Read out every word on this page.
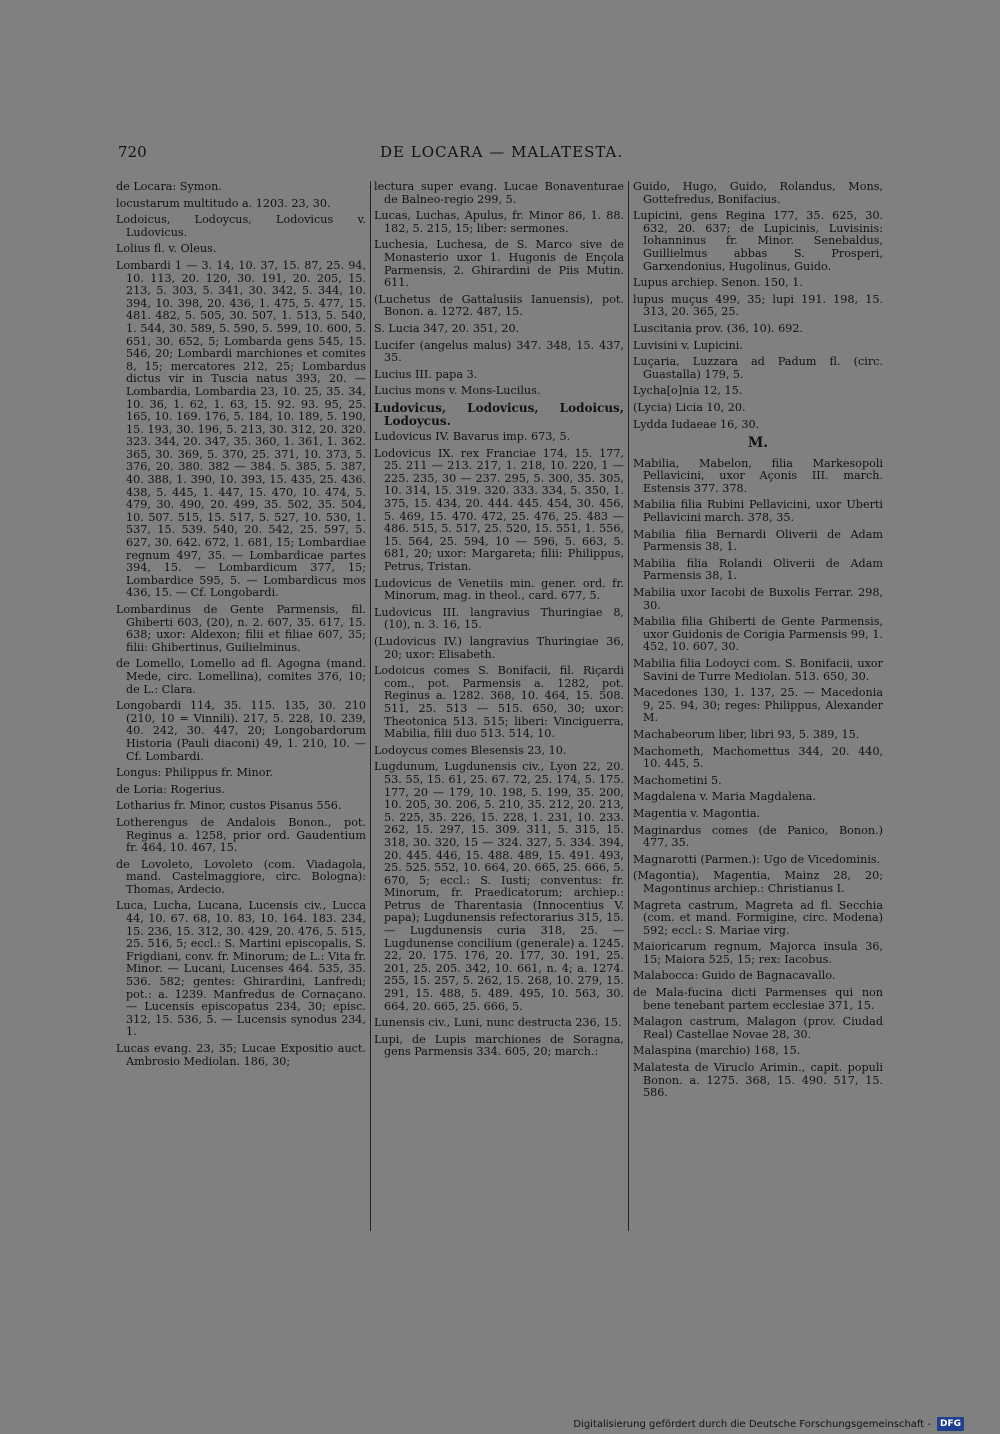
720	DE LOCARA — MALATESTA.
de Locara: Symon.
locustarum multitudo a. 1203. 23, 30.
Lodoicus, Lodoycus, Lodovicus v. Ludovicus.
Lolius fl. v. Oleus.
Lombardi 1 — 3. 14, 10. 37, 15. 87, 25. 94, 10. 113, 20. 120, 30. 191, 20. 205, 15. 213, 5. 303, 5. 341, 30. 342, 5. 344, 10. 394, 10. 398, 20. 436, 1. 475, 5. 477, 15. 481. 482, 5. 505, 30. 507, 1. 513, 5. 540, 1. 544, 30. 589, 5. 590, 5. 599, 10. 600, 5. 651, 30. 652, 5; Lombarda gens 545, 15. 546, 20; Lombardi marchiones et comites 8, 15; mercatores 212, 25; Lombardus dictus vir in Tuscia natus 393, 20. — Lombardia, Lombardia 23, 10. 25, 35. 34, 10. 36, 1. 62, 1. 63, 15. 92. 93. 95, 25. 165, 10. 169. 176, 5. 184, 10. 189, 5. 190, 15. 193, 30. 196, 5. 213, 30. 312, 20. 320. 323. 344, 20. 347, 35. 360, 1. 361, 1. 362. 365, 30. 369, 5. 370, 25. 371, 10. 373, 5. 376, 20. 380. 382 — 384. 5. 385, 5. 387, 40. 388, 1. 390, 10. 393, 15. 435, 25. 436. 438, 5. 445, 1. 447, 15. 470, 10. 474, 5. 479, 30. 490, 20. 499, 35. 502, 35. 504, 10. 507. 515, 15. 517, 5. 527, 10. 530, 1. 537, 15. 539. 540, 20. 542, 25. 597, 5. 627, 30. 642. 672, 1. 681, 15; Lombardiae regnum 497, 35. — Lombardicae partes 394, 15. — Lombardicum 377, 15; Lombardice 595, 5. — Lombardicus mos 436, 15. — Cf. Longobardi.
Lombardinus de Gente Parmensis, fil. Ghiberti 603, (20), n. 2. 607, 35. 617, 15. 638; uxor: Aldexon; filii et filiae 607, 35; filii: Ghibertinus, Guilielminus.
de Lomello, Lomello ad fl. Agogna (mand. Mede, circ. Lomellina), comites 376, 10; de L.: Clara.
Longobardi 114, 35. 115. 135, 30. 210 (210, 10 = Vinnili). 217, 5. 228, 10. 239, 40. 242, 30. 447, 20; Longobardorum Historia (Pauli diaconi) 49, 1. 210, 10. — Cf. Lombardi.
Longus: Philippus fr. Minor.
de Loria: Rogerius.
Lotharius fr. Minor, custos Pisanus 556.
Lotherengus de Andalois Bonon., pot. Reginus a. 1258, prior ord. Gaudentium fr. 464, 10. 467, 15.
de Lovoleto, Lovoleto (com. Viadagola, mand. Castelmaggiore, circ. Bologna): Thomas, Ardecio.
Luca, Lucha, Lucana, Lucensis civ., Lucca 44, 10. 67. 68, 10. 83, 10. 164. 183. 234, 15. 236, 15. 312, 30. 429, 20. 476, 5. 515, 25. 516, 5; eccl.: S. Martini episcopalis, S. Frigdiani, conv. fr. Minorum; de L.: Vita fr. Minor. — Lucani, Lucenses 464. 535, 35. 536. 582; gentes: Ghirardini, Lanfredi; pot.: a. 1239. Manfredus de Cornaçano. — Lucensis episcopatus 234, 30; episc. 312, 15. 536, 5. — Lucensis synodus 234, 1.
Lucas evang. 23, 35; Lucae Expositio auct. Ambrosio Mediolan. 186, 30;
lectura super evang. Lucae Bonaventurae de Balneo-regio 299, 5.
Lucas, Luchas, Apulus, fr. Minor 86, 1. 88. 182, 5. 215, 15; liber: sermones.
Luchesia, Luchesa, de S. Marco sive de Monasterio uxor 1. Hugonis de Ençola Parmensis, 2. Ghirardini de Piis Mutin. 611.
(Luchetus de Gattalusiis Ianuensis), pot. Bonon. a. 1272. 487, 15.
S. Lucia 347, 20. 351, 20.
Lucifer (angelus malus) 347. 348, 15. 437, 35.
Lucius III. papa 3.
Lucius mons v. Mons-Lucilus.
Ludovicus, Lodovicus, Lodoicus, Lodoycus.
Ludovicus IV. Bavarus imp. 673, 5.
Lodovicus IX. rex Franciae 174, 15. 177, 25. 211 — 213. 217, 1. 218, 10. 220, 1 — 225. 235, 30 — 237. 295, 5. 300, 35. 305, 10. 314, 15. 319. 320. 333. 334, 5. 350, 1. 375, 15. 434, 20. 444. 445. 454, 30. 456, 5. 469, 15. 470. 472, 25. 476, 25. 483 — 486. 515, 5. 517, 25. 520, 15. 551, 1. 556, 15. 564, 25. 594, 10 — 596, 5. 663, 5. 681, 20; uxor: Margareta; filii: Philippus, Petrus, Tristan.
Ludovicus de Venetiis min. gener. ord. fr. Minorum, mag. in theol., card. 677, 5.
Ludovicus III. langravius Thuringiae 8, (10), n. 3. 16, 15.
(Ludovicus IV.) langravius Thuringiae 36, 20; uxor: Elisabeth.
Lodoicus comes S. Bonifacii, fil. Riçardi com., pot. Parmensis a. 1282, pot. Reginus a. 1282. 368, 10. 464, 15. 508. 511, 25. 513 — 515. 650, 30; uxor: Theotonica 513. 515; liberi: Vinciguerra, Mabilia, filii duo 513. 514, 10.
Lodoycus comes Blesensis 23, 10.
Lugdunum, Lugdunensis civ., Lyon 22, 20. 53. 55, 15. 61, 25. 67. 72, 25. 174, 5. 175. 177, 20 — 179, 10. 198, 5. 199, 35. 200, 10. 205, 30. 206, 5. 210, 35. 212, 20. 213, 5. 225, 35. 226, 15. 228, 1. 231, 10. 233. 262, 15. 297, 15. 309. 311, 5. 315, 15. 318, 30. 320, 15 — 324. 327, 5. 334. 394, 20. 445. 446, 15. 488. 489, 15. 491. 493, 25. 525. 552, 10. 664, 20. 665, 25. 666, 5. 670, 5; eccl.: S. Iusti; conventus: fr. Minorum, fr. Praedicatorum; archiep.: Petrus de Tharentasia (Innocentius V. papa); Lugdunensis refectorarius 315, 15. — Lugdunensis curia 318, 25. — Lugdunense concilium (generale) a. 1245. 22, 20. 175. 176, 20. 177, 30. 191, 25. 201, 25. 205. 342, 10. 661, n. 4; a. 1274. 255, 15. 257, 5. 262, 15. 268, 10. 279, 15. 291, 15. 488, 5. 489. 495, 10. 563, 30. 664, 20. 665, 25. 666, 5.
Lunensis civ., Luni, nunc destructa 236, 15.
Lupi, de Lupis marchiones de Soragna, gens Parmensis 334. 605, 20; march.:
Guido, Hugo, Guido, Rolandus, Mons, Gottefredus, Bonifacius.
Lupicini, gens Regina 177, 35. 625, 30. 632, 20. 637; de Lupicinis, Luvisinis: Iohanninus fr. Minor. Senebaldus, Guillielmus abbas S. Prosperi, Garxendonius, Hugolinus, Guido.
Lupus archiep. Senon. 150, 1.
lupus muçus 499, 35; lupi 191. 198, 15. 313, 20. 365, 25.
Luscitania prov. (36, 10). 692.
Luvisini v. Lupicini.
Luçaria, Luzzara ad Padum fl. (circ. Guastalla) 179, 5.
Lycha[o]nia 12, 15.
(Lycia) Licia 10, 20.
Lydda Iudaeae 16, 30.
M.
Mabilia, Mabelon, filia Markesopoli Pellavicini, uxor Açonis III. march. Estensis 377. 378.
Mabilia filia Rubini Pellavicini, uxor Uberti Pellavicini march. 378, 35.
Mabilia filia Bernardi Oliverii de Adam Parmensis 38, 1.
Mabilia filia Rolandi Oliverii de Adam Parmensis 38, 1.
Mabilia uxor Iacobi de Buxolis Ferrar. 298, 30.
Mabilia filia Ghiberti de Gente Parmensis, uxor Guidonis de Corigia Parmensis 99, 1. 452, 10. 607, 30.
Mabilia filia Lodoyci com. S. Bonifacii, uxor Savini de Turre Mediolan. 513. 650, 30.
Macedones 130, 1. 137, 25. — Macedonia 9, 25. 94, 30; reges: Philippus, Alexander M.
Machabeorum liber, libri 93, 5. 389, 15.
Machometh, Machomettus 344, 20. 440, 10. 445, 5.
Machometini 5.
Magdalena v. Maria Magdalena.
Magentia v. Magontia.
Maginardus comes (de Panico, Bonon.) 477, 35.
Magnarotti (Parmen.): Ugo de Vicedominis.
(Magontia), Magentia, Mainz 28, 20; Magontinus archiep.: Christianus I.
Magreta castrum, Magreta ad fl. Secchia (com. et mand. Formigine, circ. Modena) 592; eccl.: S. Mariae virg.
Maioricarum regnum, Majorca insula 36, 15; Maiora 525, 15; rex: Iacobus.
Malabocca: Guido de Bagnacavallo.
de Mala-fucina dicti Parmenses qui non bene tenebant partem ecclesiae 371, 15.
Malagon castrum, Malagon (prov. Ciudad Real) Castellae Novae 28, 30.
Malaspina (marchio) 168, 15.
Malatesta de Viruclo Arimin., capit. populi Bonon. a. 1275. 368, 15. 490. 517, 15. 586.
Digitalisierung gefördert durch die Deutsche Forschungsgemeinschaft -	DFG
